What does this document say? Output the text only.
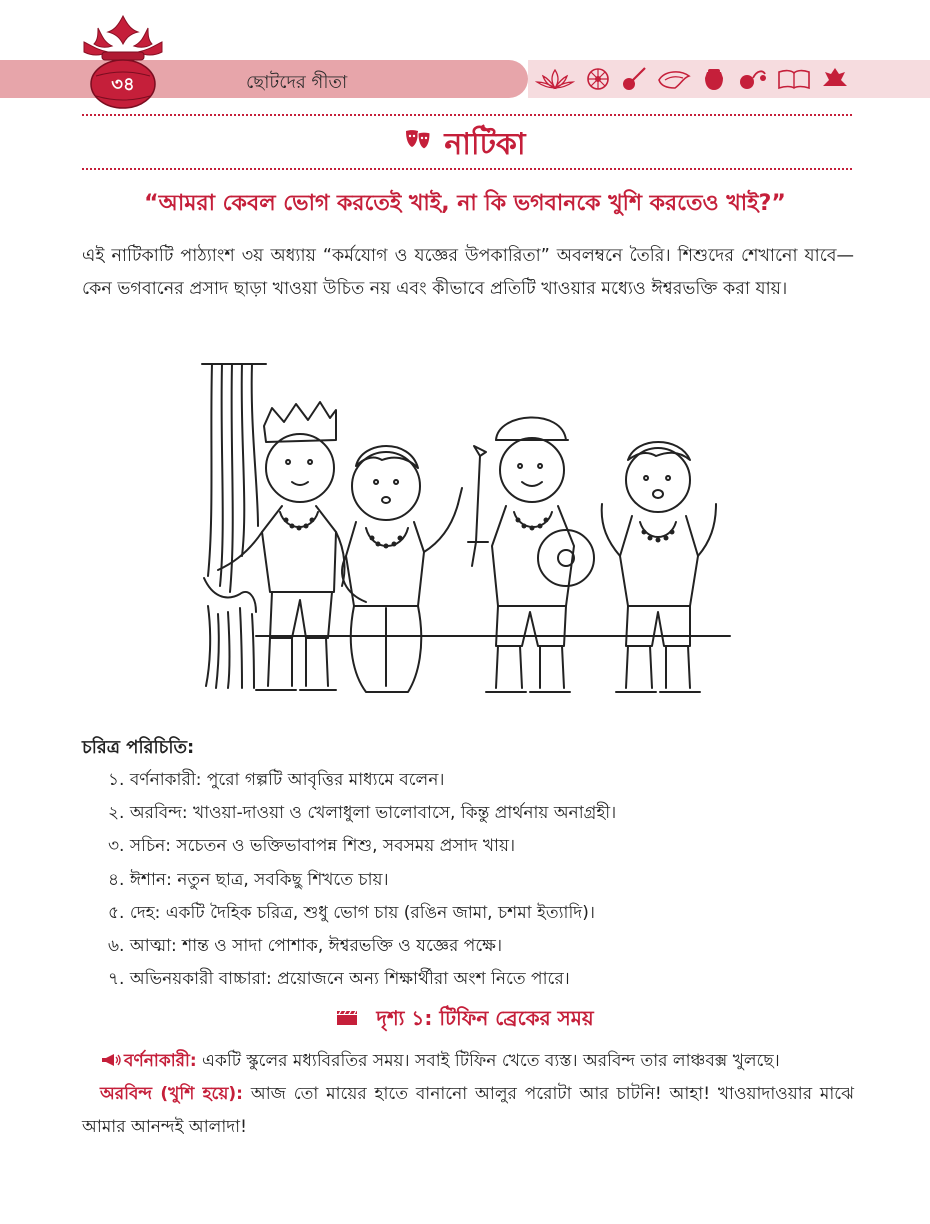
৩৪	ছোটদের গীতা
নাটিকা
“আমরা কেবল ভোগ করতেই খাই, না কি ভগবানকে খুশি করতেও খাই?”
এই নাটিকাটি পাঠ্যাংশ ৩য় অধ্যায় “কর্মযোগ ও যজ্ঞের উপকারিতা” অবলম্বনে তৈরি। শিশুদের শেখানো যাবে—কেন ভগবানের প্রসাদ ছাড়া খাওয়া উচিত নয় এবং কীভাবে প্রতিটি খাওয়ার মধ্যেও ঈশ্বরভক্তি করা যায়।
চরিত্র পরিচিতি:
১. বর্ণনাকারী: পুরো গল্পটি আবৃত্তির মাধ্যমে বলেন।
২. অরবিন্দ: খাওয়া-দাওয়া ও খেলাধুলা ভালোবাসে, কিন্তু প্রার্থনায় অনাগ্রহী।
৩. সচিন: সচেতন ও ভক্তিভাবাপন্ন শিশু, সবসময় প্রসাদ খায়।
৪. ঈশান: নতুন ছাত্র, সবকিছু শিখতে চায়।
৫. দেহ: একটি দৈহিক চরিত্র, শুধু ভোগ চায় (রঙিন জামা, চশমা ইত্যাদি)।
৬. আত্মা: শান্ত ও সাদা পোশাক, ঈশ্বরভক্তি ও যজ্ঞের পক্ষে।
৭. অভিনয়কারী বাচ্চারা: প্রয়োজনে অন্য শিক্ষার্থীরা অংশ নিতে পারে।
দৃশ্য ১: টিফিন ব্রেকের সময়
বর্ণনাকারী: একটি স্কুলের মধ্যবিরতির সময়। সবাই টিফিন খেতে ব্যস্ত। অরবিন্দ তার লাঞ্চবক্স খুলছে।
অরবিন্দ (খুশি হয়ে): আজ তো মায়ের হাতে বানানো আলুর পরোটা আর চাটনি! আহা! খাওয়াদাওয়ার মাঝে আমার আনন্দই আলাদা!
